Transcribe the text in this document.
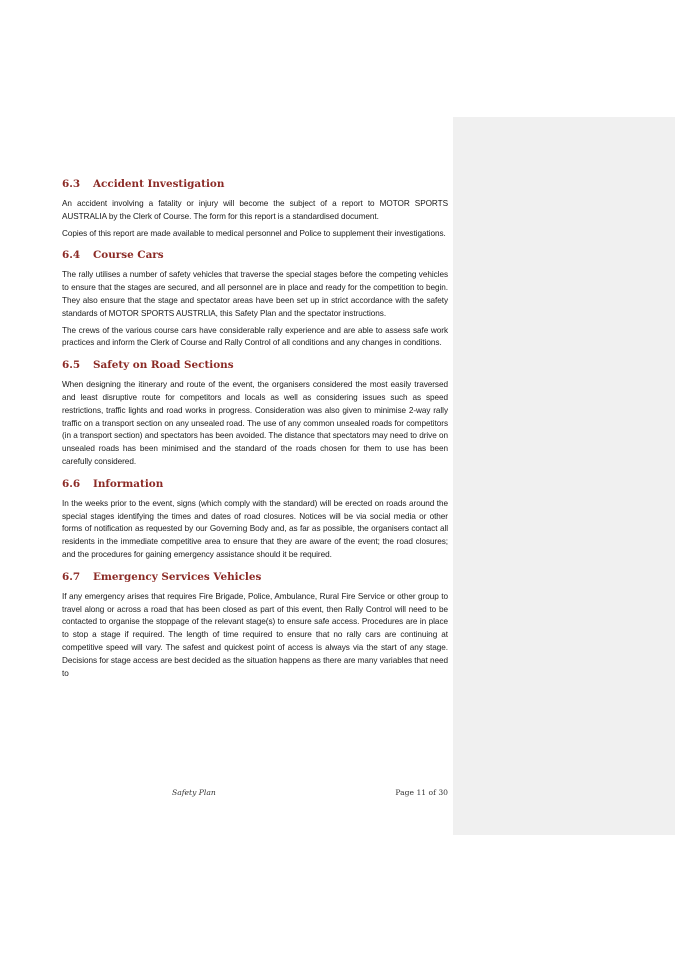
6.3 Accident Investigation

An accident involving a fatality or injury will become the subject of a report to MOTOR SPORTS AUSTRALIA by the Clerk of Course. The form for this report is a standardised document.

Copies of this report are made available to medical personnel and Police to supplement their investigations.

6.4 Course Cars

The rally utilises a number of safety vehicles that traverse the special stages before the competing vehicles to ensure that the stages are secured, and all personnel are in place and ready for the competition to begin. They also ensure that the stage and spectator areas have been set up in strict accordance with the safety standards of MOTOR SPORTS AUSTRLIA, this Safety Plan and the spectator instructions.

The crews of the various course cars have considerable rally experience and are able to assess safe work practices and inform the Clerk of Course and Rally Control of all conditions and any changes in conditions.

6.5 Safety on Road Sections

When designing the itinerary and route of the event, the organisers considered the most easily traversed and least disruptive route for competitors and locals as well as considering issues such as speed restrictions, traffic lights and road works in progress. Consideration was also given to minimise 2-way rally traffic on a transport section on any unsealed road. The use of any common unsealed roads for competitors (in a transport section) and spectators has been avoided. The distance that spectators may need to drive on unsealed roads has been minimised and the standard of the roads chosen for them to use has been carefully considered.

6.6 Information

In the weeks prior to the event, signs (which comply with the standard) will be erected on roads around the special stages identifying the times and dates of road closures. Notices will be via social media or other forms of notification as requested by our Governing Body and, as far as possible, the organisers contact all residents in the immediate competitive area to ensure that they are aware of the event; the road closures; and the procedures for gaining emergency assistance should it be required.

6.7 Emergency Services Vehicles

If any emergency arises that requires Fire Brigade, Police, Ambulance, Rural Fire Service or other group to travel along or across a road that has been closed as part of this event, then Rally Control will need to be contacted to organise the stoppage of the relevant stage(s) to ensure safe access. Procedures are in place to stop a stage if required. The length of time required to ensure that no rally cars are continuing at competitive speed will vary. The safest and quickest point of access is always via the start of any stage. Decisions for stage access are best decided as the situation happens as there are many variables that need to

Safety Plan	Page 11 of 30
